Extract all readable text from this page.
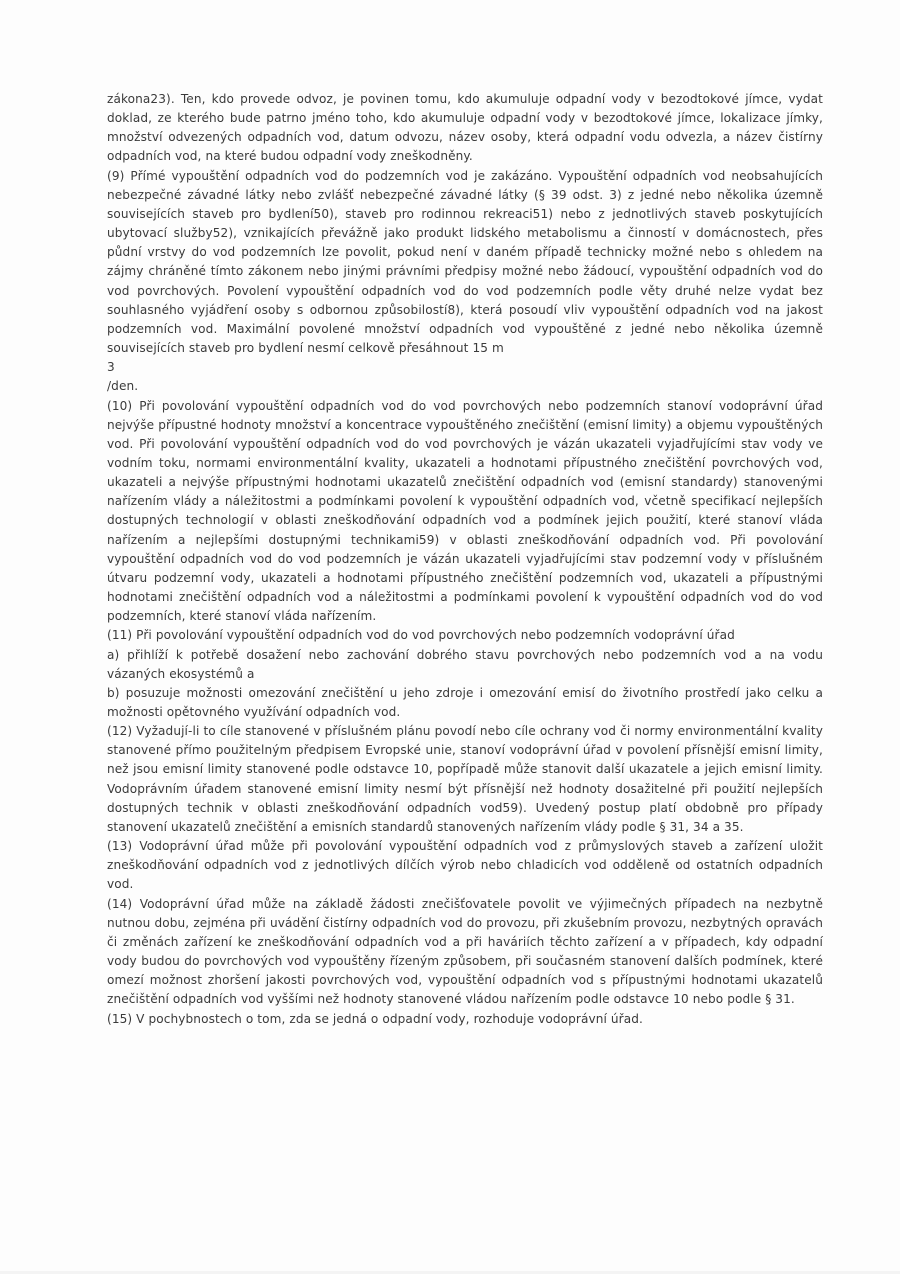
zákona23). Ten, kdo provede odvoz, je povinen tomu, kdo akumuluje odpadní vody v bezodtokové jímce, vydat doklad, ze kterého bude patrno jméno toho, kdo akumuluje odpadní vody v bezodtokové jímce, lokalizace jímky, množství odvezených odpadních vod, datum odvozu, název osoby, která odpadní vodu odvezla, a název čistírny odpadních vod, na které budou odpadní vody zneškodněny.

(9) Přímé vypouštění odpadních vod do podzemních vod je zakázáno. Vypouštění odpadních vod neobsahujících nebezpečné závadné látky nebo zvlášť nebezpečné závadné látky (§ 39 odst. 3) z jedné nebo několika územně souvisejících staveb pro bydlení50), staveb pro rodinnou rekreaci51) nebo z jednotlivých staveb poskytujících ubytovací služby52), vznikajících převážně jako produkt lidského metabolismu a činností v domácnostech, přes půdní vrstvy do vod podzemních lze povolit, pokud není v daném případě technicky možné nebo s ohledem na zájmy chráněné tímto zákonem nebo jinými právními předpisy možné nebo žádoucí, vypouštění odpadních vod do vod povrchových. Povolení vypouštění odpadních vod do vod podzemních podle věty druhé nelze vydat bez souhlasného vyjádření osoby s odbornou způsobilostí8), která posoudí vliv vypouštění odpadních vod na jakost podzemních vod. Maximální povolené množství odpadních vod vypouštěné z jedné nebo několika územně souvisejících staveb pro bydlení nesmí celkově přesáhnout 15 m

3

/den.

(10) Při povolování vypouštění odpadních vod do vod povrchových nebo podzemních stanoví vodoprávní úřad nejvýše přípustné hodnoty množství a koncentrace vypouštěného znečištění (emisní limity) a objemu vypouštěných vod. Při povolování vypouštění odpadních vod do vod povrchových je vázán ukazateli vyjadřujícími stav vody ve vodním toku, normami environmentální kvality, ukazateli a hodnotami přípustného znečištění povrchových vod, ukazateli a nejvýše přípustnými hodnotami ukazatelů znečištění odpadních vod (emisní standardy) stanovenými nařízením vlády a náležitostmi a podmínkami povolení k vypouštění odpadních vod, včetně specifikací nejlepších dostupných technologií v oblasti zneškodňování odpadních vod a podmínek jejich použití, které stanoví vláda nařízením a nejlepšími dostupnými technikami59) v oblasti zneškodňování odpadních vod. Při povolování vypouštění odpadních vod do vod podzemních je vázán ukazateli vyjadřujícími stav podzemní vody v příslušném útvaru podzemní vody, ukazateli a hodnotami přípustného znečištění podzemních vod, ukazateli a přípustnými hodnotami znečištění odpadních vod a náležitostmi a podmínkami povolení k vypouštění odpadních vod do vod podzemních, které stanoví vláda nařízením.

(11) Při povolování vypouštění odpadních vod do vod povrchových nebo podzemních vodoprávní úřad

a) přihlíží k potřebě dosažení nebo zachování dobrého stavu povrchových nebo podzemních vod a na vodu vázaných ekosystémů a

b) posuzuje možnosti omezování znečištění u jeho zdroje i omezování emisí do životního prostředí jako celku a možnosti opětovného využívání odpadních vod.

(12) Vyžadují-li to cíle stanovené v příslušném plánu povodí nebo cíle ochrany vod či normy environmentální kvality stanovené přímo použitelným předpisem Evropské unie, stanoví vodoprávní úřad v povolení přísnější emisní limity, než jsou emisní limity stanovené podle odstavce 10, popřípadě může stanovit další ukazatele a jejich emisní limity. Vodoprávním úřadem stanovené emisní limity nesmí být přísnější než hodnoty dosažitelné při použití nejlepších dostupných technik v oblasti zneškodňování odpadních vod59). Uvedený postup platí obdobně pro případy stanovení ukazatelů znečištění a emisních standardů stanovených nařízením vlády podle § 31, 34 a 35.

(13) Vodoprávní úřad může při povolování vypouštění odpadních vod z průmyslových staveb a zařízení uložit zneškodňování odpadních vod z jednotlivých dílčích výrob nebo chladicích vod odděleně od ostatních odpadních vod.

(14) Vodoprávní úřad může na základě žádosti znečišťovatele povolit ve výjimečných případech na nezbytně nutnou dobu, zejména při uvádění čistírny odpadních vod do provozu, při zkušebním provozu, nezbytných opravách či změnách zařízení ke zneškodňování odpadních vod a při haváriích těchto zařízení a v případech, kdy odpadní vody budou do povrchových vod vypouštěny řízeným způsobem, při současném stanovení dalších podmínek, které omezí možnost zhoršení jakosti povrchových vod, vypouštění odpadních vod s přípustnými hodnotami ukazatelů znečištění odpadních vod vyššími než hodnoty stanovené vládou nařízením podle odstavce 10 nebo podle § 31.

(15) V pochybnostech o tom, zda se jedná o odpadní vody, rozhoduje vodoprávní úřad.
